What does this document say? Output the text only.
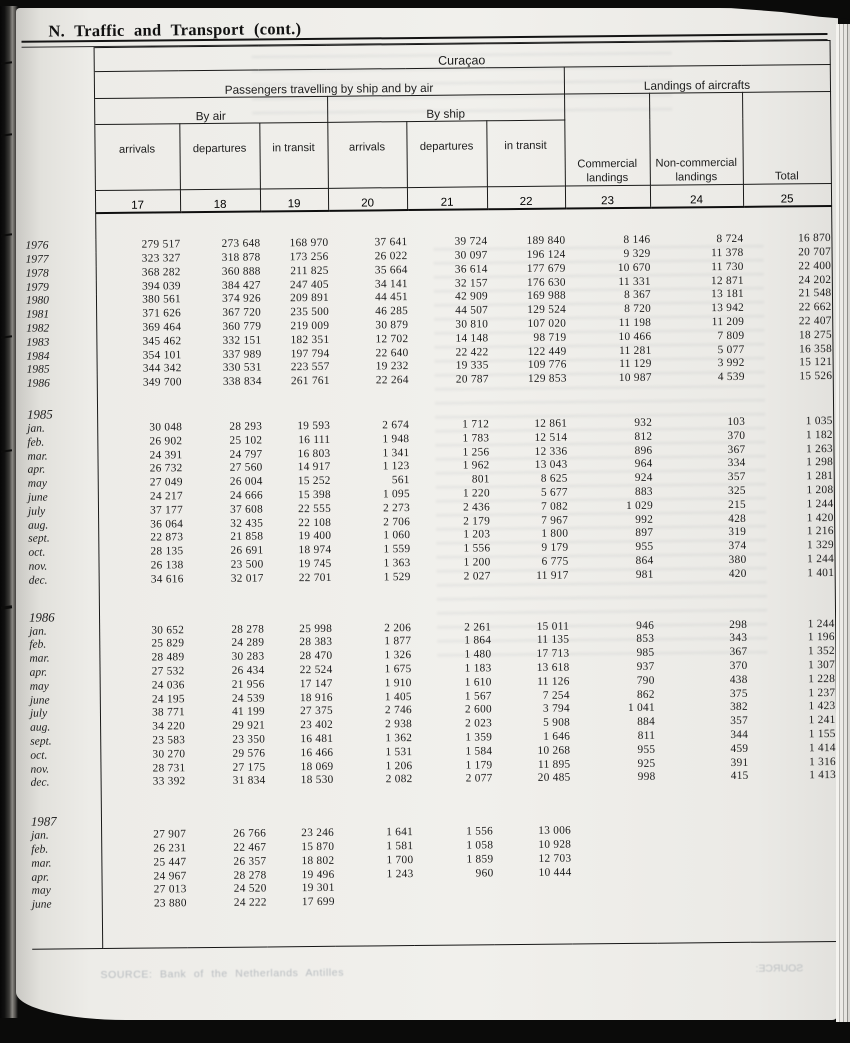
N. Traffic and Transport (cont.)
	Curaçao								
	Passengers travelling by ship and by air						Landings of aircrafts		
	By air			By ship			Commercial landings	Non-commercial landings	Total
	arrivals	departures	in transit	arrivals	departures	in transit			
	17	18	19	20	21	22	23	24	25

1976	279 517	273 648	168 970	37 641	39 724	189 840	8 146	8 724	16 870
1977	323 327	318 878	173 256	26 022	30 097	196 124	9 329	11 378	20 707
1978	368 282	360 888	211 825	35 664	36 614	177 679	10 670	11 730	22 400
1979	394 039	384 427	247 405	34 141	32 157	176 630	11 331	12 871	24 202
1980	380 561	374 926	209 891	44 451	42 909	169 988	8 367	13 181	21 548
1981	371 626	367 720	235 500	46 285	44 507	129 524	8 720	13 942	22 662
1982	369 464	360 779	219 009	30 879	30 810	107 020	11 198	11 209	22 407
1983	345 462	332 151	182 351	12 702	14 148	98 719	10 466	7 809	18 275
1984	354 101	337 989	197 794	22 640	22 422	122 449	11 281	5 077	16 358
1985	344 342	330 531	223 557	19 232	19 335	109 776	11 129	3 992	15 121
1986	349 700	338 834	261 761	22 264	20 787	129 853	10 987	4 539	15 526

1985									
jan.	30 048	28 293	19 593	2 674	1 712	12 861	932	103	1 035
feb.	26 902	25 102	16 111	1 948	1 783	12 514	812	370	1 182
mar.	24 391	24 797	16 803	1 341	1 256	12 336	896	367	1 263
apr.	26 732	27 560	14 917	1 123	1 962	13 043	964	334	1 298
may	27 049	26 004	15 252	561	801	8 625	924	357	1 281
june	24 217	24 666	15 398	1 095	1 220	5 677	883	325	1 208
july	37 177	37 608	22 555	2 273	2 436	7 082	1 029	215	1 244
aug.	36 064	32 435	22 108	2 706	2 179	7 967	992	428	1 420
sept.	22 873	21 858	19 400	1 060	1 203	1 800	897	319	1 216
oct.	28 135	26 691	18 974	1 559	1 556	9 179	955	374	1 329
nov.	26 138	23 500	19 745	1 363	1 200	6 775	864	380	1 244
dec.	34 616	32 017	22 701	1 529	2 027	11 917	981	420	1 401

1986									
jan.	30 652	28 278	25 998	2 206	2 261	15 011	946	298	1 244
feb.	25 829	24 289	28 383	1 877	1 864	11 135	853	343	1 196
mar.	28 489	30 283	28 470	1 326	1 480	17 713	985	367	1 352
apr.	27 532	26 434	22 524	1 675	1 183	13 618	937	370	1 307
may	24 036	21 956	17 147	1 910	1 610	11 126	790	438	1 228
june	24 195	24 539	18 916	1 405	1 567	7 254	862	375	1 237
july	38 771	41 199	27 375	2 746	2 600	3 794	1 041	382	1 423
aug.	34 220	29 921	23 402	2 938	2 023	5 908	884	357	1 241
sept.	23 583	23 350	16 481	1 362	1 359	1 646	811	344	1 155
oct.	30 270	29 576	16 466	1 531	1 584	10 268	955	459	1 414
nov.	28 731	27 175	18 069	1 206	1 179	11 895	925	391	1 316
dec.	33 392	31 834	18 530	2 082	2 077	20 485	998	415	1 413

1987									
jan.	27 907	26 766	23 246	1 641	1 556	13 006			
feb.	26 231	22 467	15 870	1 581	1 058	10 928			
mar.	25 447	26 357	18 802	1 700	1 859	12 703			
apr.	24 967	28 278	19 496	1 243	960	10 444			
may	27 013	24 520	19 301						
june	23 880	24 222	17 699						

SOURCE: Bank of the Netherlands Antilles	SOURCE:
